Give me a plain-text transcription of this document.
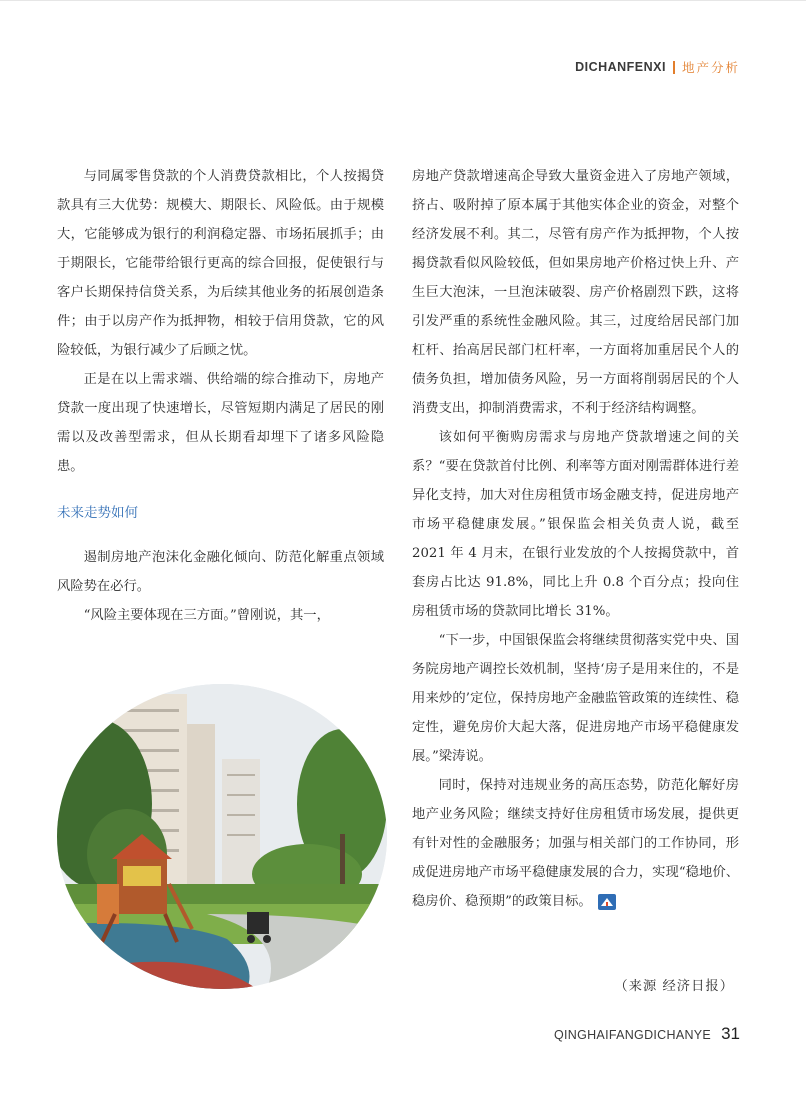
DICHANFENXI 地产分析

与同属零售贷款的个人消费贷款相比，个人按揭贷款具有三大优势：规模大、期限长、风险低。由于规模大，它能够成为银行的利润稳定器、市场拓展抓手；由于期限长，它能带给银行更高的综合回报，促使银行与客户长期保持信贷关系，为后续其他业务的拓展创造条件；由于以房产作为抵押物，相较于信用贷款，它的风险较低，为银行减少了后顾之忧。

正是在以上需求端、供给端的综合推动下，房地产贷款一度出现了快速增长，尽管短期内满足了居民的刚需以及改善型需求，但从长期看却埋下了诸多风险隐患。

未来走势如何

遏制房地产泡沫化金融化倾向、防范化解重点领域风险势在必行。

“风险主要体现在三方面。”曾刚说，其一，

房地产贷款增速高企导致大量资金进入了房地产领域，挤占、吸附掉了原本属于其他实体企业的资金，对整个经济发展不利。其二，尽管有房产作为抵押物，个人按揭贷款看似风险较低，但如果房地产价格过快上升、产生巨大泡沫，一旦泡沫破裂、房产价格剧烈下跌，这将引发严重的系统性金融风险。其三，过度给居民部门加杠杆、抬高居民部门杠杆率，一方面将加重居民个人的债务负担，增加债务风险，另一方面将削弱居民的个人消费支出，抑制消费需求，不利于经济结构调整。

该如何平衡购房需求与房地产贷款增速之间的关系？“要在贷款首付比例、利率等方面对刚需群体进行差异化支持，加大对住房租赁市场金融支持，促进房地产市场平稳健康发展。”银保监会相关负责人说，截至 2021 年 4 月末，在银行业发放的个人按揭贷款中，首套房占比达 91.8%，同比上升 0.8 个百分点；投向住房租赁市场的贷款同比增长 31%。

“下一步，中国银保监会将继续贯彻落实党中央、国务院房地产调控长效机制，坚持‘房子是用来住的，不是用来炒的’定位，保持房地产金融监管政策的连续性、稳定性，避免房价大起大落，促进房地产市场平稳健康发展。”梁涛说。

同时，保持对违规业务的高压态势，防范化解好房地产业务风险；继续支持好住房租赁市场发展，提供更有针对性的金融服务；加强与相关部门的工作协同，形成促进房地产市场平稳健康发展的合力，实现“稳地价、稳房价、稳预期”的政策目标。

（来源 经济日报）
QINGHAIFANGDICHANYE 31
